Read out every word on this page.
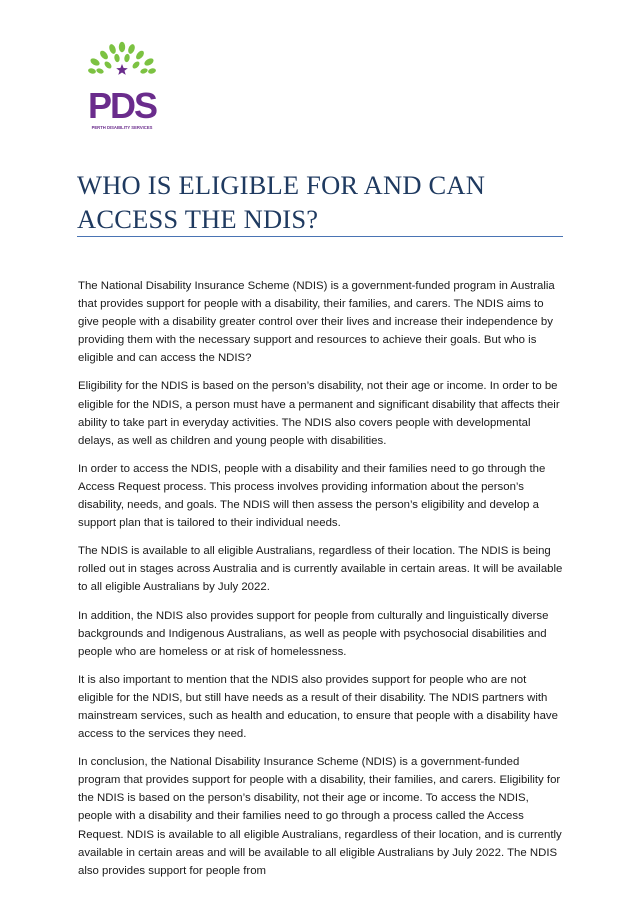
PDS
PERTH DISABILITY SERVICES
WHO IS ELIGIBLE FOR AND CAN ACCESS THE NDIS?

The National Disability Insurance Scheme (NDIS) is a government-funded program in Australia that provides support for people with a disability, their families, and carers. The NDIS aims to give people with a disability greater control over their lives and increase their independence by providing them with the necessary support and resources to achieve their goals. But who is eligible and can access the NDIS?

Eligibility for the NDIS is based on the person’s disability, not their age or income. In order to be eligible for the NDIS, a person must have a permanent and significant disability that affects their ability to take part in everyday activities. The NDIS also covers people with developmental delays, as well as children and young people with disabilities.

In order to access the NDIS, people with a disability and their families need to go through the Access Request process. This process involves providing information about the person’s disability, needs, and goals. The NDIS will then assess the person’s eligibility and develop a support plan that is tailored to their individual needs.

The NDIS is available to all eligible Australians, regardless of their location. The NDIS is being rolled out in stages across Australia and is currently available in certain areas. It will be available to all eligible Australians by July 2022.

In addition, the NDIS also provides support for people from culturally and linguistically diverse backgrounds and Indigenous Australians, as well as people with psychosocial disabilities and people who are homeless or at risk of homelessness.

It is also important to mention that the NDIS also provides support for people who are not eligible for the NDIS, but still have needs as a result of their disability. The NDIS partners with mainstream services, such as health and education, to ensure that people with a disability have access to the services they need.

In conclusion, the National Disability Insurance Scheme (NDIS) is a government-funded program that provides support for people with a disability, their families, and carers. Eligibility for the NDIS is based on the person’s disability, not their age or income. To access the NDIS, people with a disability and their families need to go through a process called the Access Request. NDIS is available to all eligible Australians, regardless of their location, and is currently available in certain areas and will be available to all eligible Australians by July 2022. The NDIS also provides support for people from
